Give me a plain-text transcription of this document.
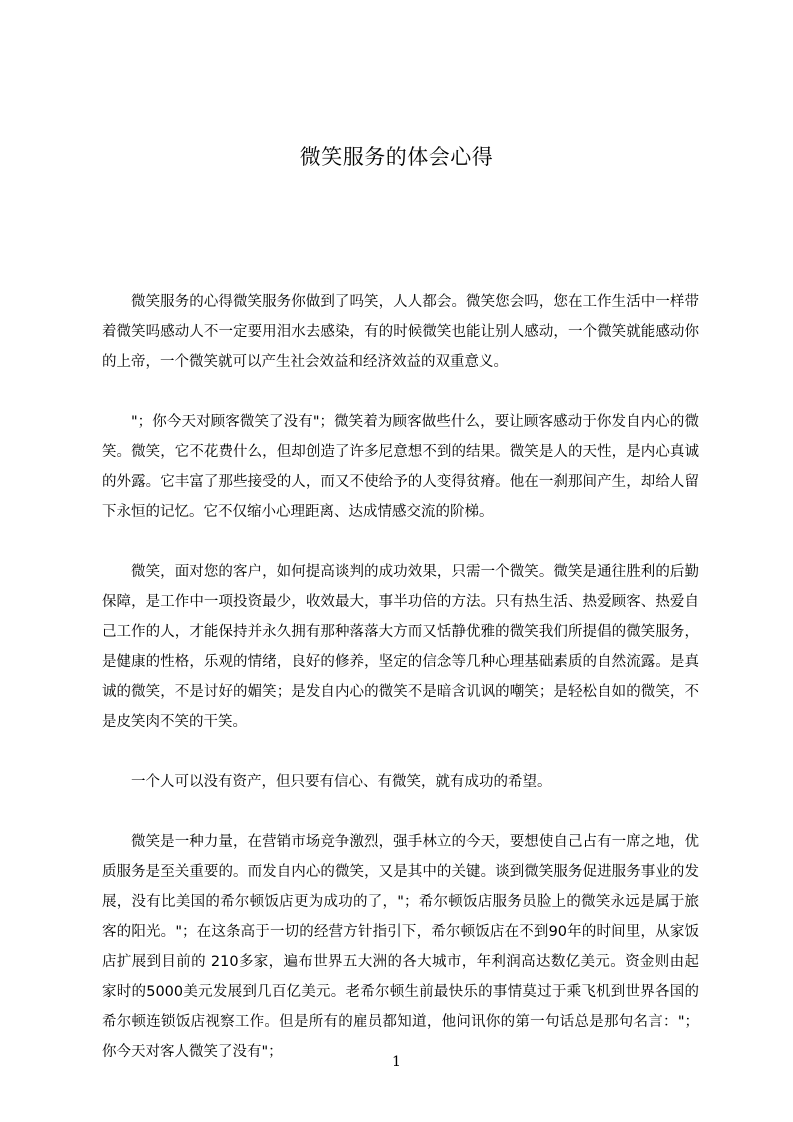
微笑服务的体会心得

微笑服务的心得微笑服务你做到了吗笑，人人都会。微笑您会吗，您在工作生活中一样带着微笑吗感动人不一定要用泪水去感染，有的时候微笑也能让别人感动，一个微笑就能感动你的上帝，一个微笑就可以产生社会效益和经济效益的双重意义。

"；你今天对顾客微笑了没有"；微笑着为顾客做些什么，要让顾客感动于你发自内心的微笑。微笑，它不花费什么，但却创造了许多尼意想不到的结果。微笑是人的天性，是内心真诚的外露。它丰富了那些接受的人，而又不使给予的人变得贫瘠。他在一刹那间产生，却给人留下永恒的记忆。它不仅缩小心理距离、达成情感交流的阶梯。

微笑，面对您的客户，如何提高谈判的成功效果，只需一个微笑。微笑是通往胜利的后勤保障，是工作中一项投资最少，收效最大，事半功倍的方法。只有热生活、热爱顾客、热爱自己工作的人，才能保持并永久拥有那种落落大方而又恬静优雅的微笑我们所提倡的微笑服务，是健康的性格，乐观的情绪，良好的修养，坚定的信念等几种心理基础素质的自然流露。是真诚的微笑，不是讨好的媚笑；是发自内心的微笑不是暗含讥讽的嘲笑；是轻松自如的微笑，不是皮笑肉不笑的干笑。

一个人可以没有资产，但只要有信心、有微笑，就有成功的希望。

微笑是一种力量，在营销市场竞争激烈，强手林立的今天，要想使自己占有一席之地，优质服务是至关重要的。而发自内心的微笑，又是其中的关键。谈到微笑服务促进服务事业的发展，没有比美国的希尔顿饭店更为成功的了，"；希尔顿饭店服务员脸上的微笑永远是属于旅客的阳光。"；在这条高于一切的经营方针指引下，希尔顿饭店在不到90年的时间里，从家饭店扩展到目前的 210多家，遍布世界五大洲的各大城市，年利润高达数亿美元。资金则由起家时的5000美元发展到几百亿美元。老希尔顿生前最快乐的事情莫过于乘飞机到世界各国的希尔顿连锁饭店视察工作。但是所有的雇员都知道，他问讯你的第一句话总是那句名言："；你今天对客人微笑了没有"；

1
